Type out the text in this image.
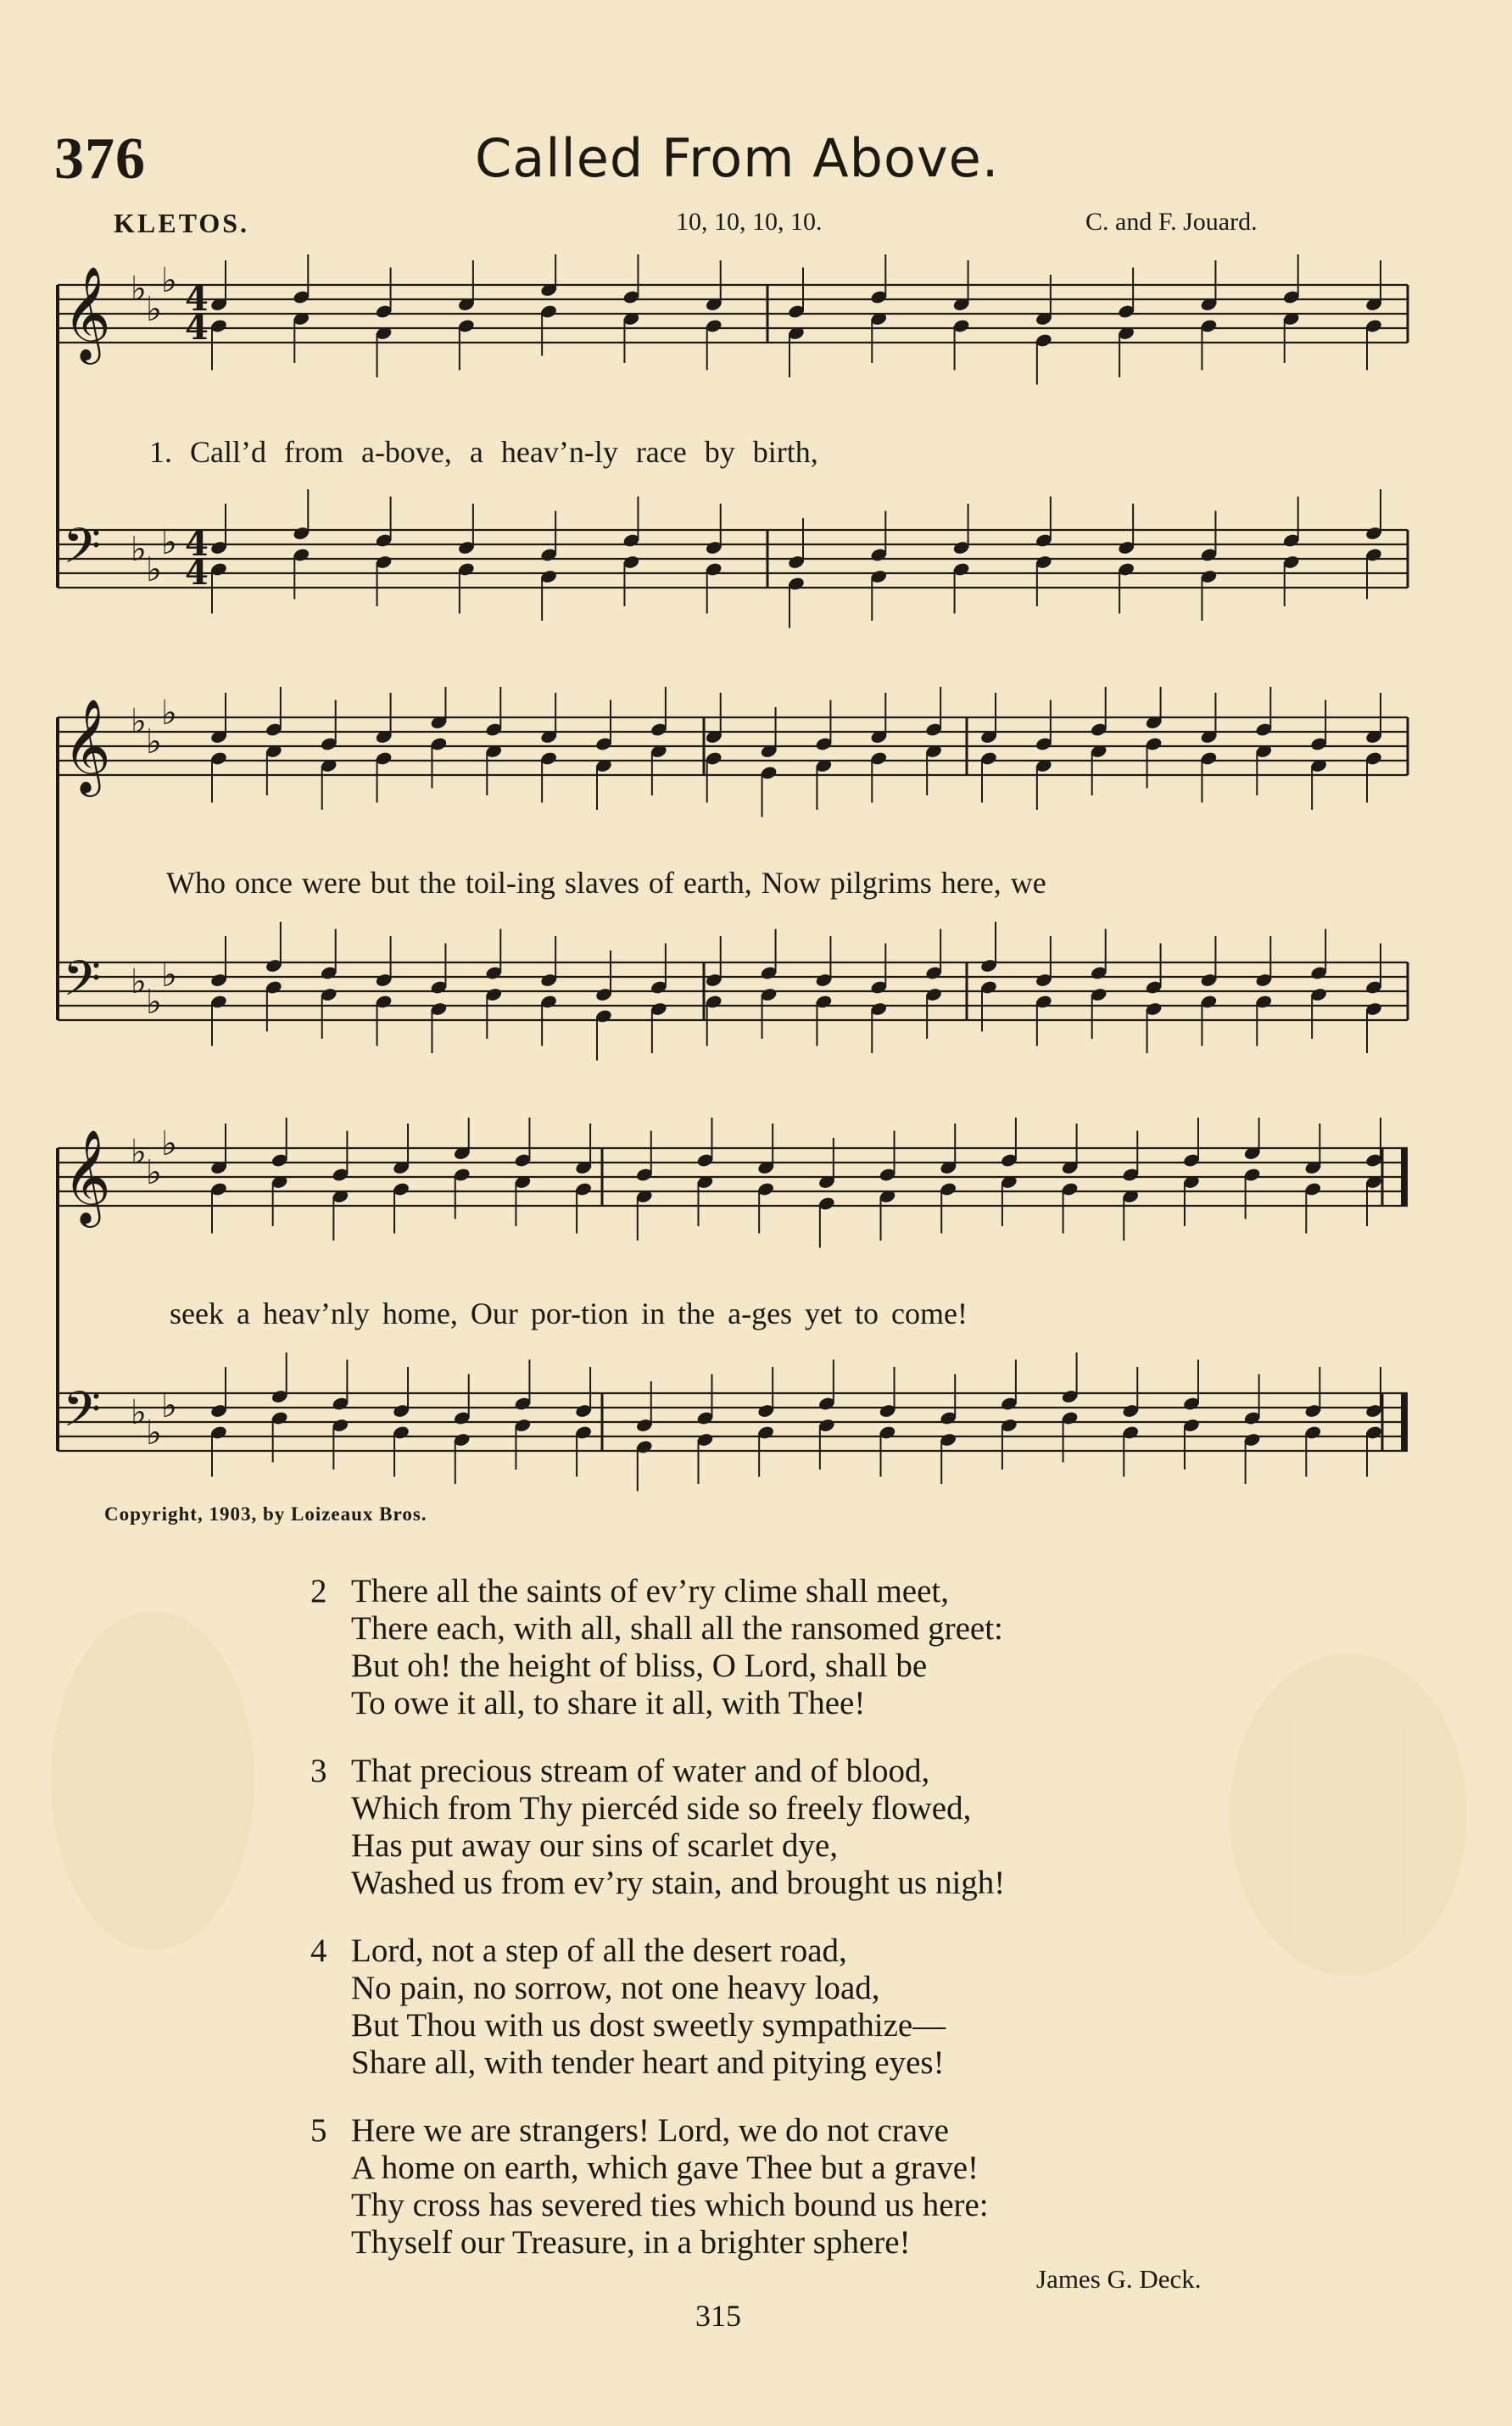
376	Called From Above.
KLETOS.	10, 10, 10, 10.	C. and F. Jouard.
𝄞 ♭
♭
♭
𝄢 ♭
♭
♭
4
4
4
4
1. Call’d from a-bove, a heav’n-ly race by birth,
𝄞 ♭
♭
♭
𝄢 ♭
♭
♭
Who once were but the toil-ing slaves of earth, Now pilgrims here, we
𝄞 ♭
♭
♭
𝄢 ♭
♭
♭
seek a heav’nly home, Our por-tion in the a-ges yet to come!
Copyright, 1903, by Loizeaux Bros.
2 There all the saints of ev’ry clime shall meet,
There each, with all, shall all the ransomed greet:
But oh! the height of bliss, O Lord, shall be
To owe it all, to share it all, with Thee!
3 That precious stream of water and of blood,
Which from Thy piercéd side so freely flowed,
Has put away our sins of scarlet dye,
Washed us from ev’ry stain, and brought us nigh!
4 Lord, not a step of all the desert road,
No pain, no sorrow, not one heavy load,
But Thou with us dost sweetly sympathize—
Share all, with tender heart and pitying eyes!
5 Here we are strangers! Lord, we do not crave
A home on earth, which gave Thee but a grave!
Thy cross has severed ties which bound us here:
Thyself our Treasure, in a brighter sphere!
James G. Deck.
315
